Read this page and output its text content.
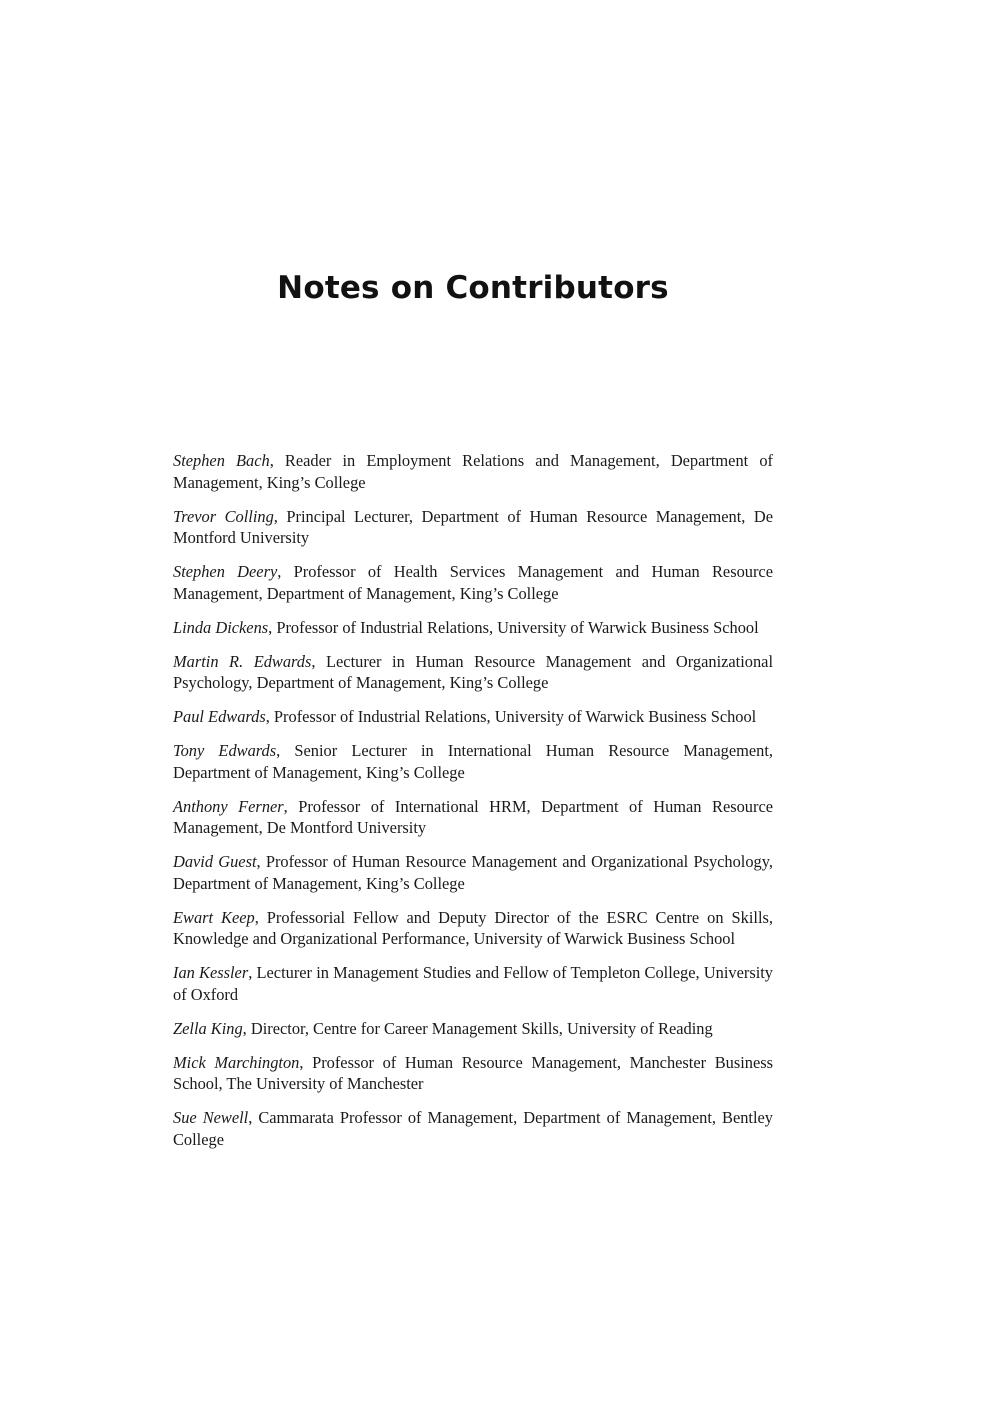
Notes on Contributors
Stephen Bach, Reader in Employment Relations and Management, Department of Management, King’s College
Trevor Colling, Principal Lecturer, Department of Human Resource Management, De Montford University
Stephen Deery, Professor of Health Services Management and Human Resource Management, Department of Management, King’s College
Linda Dickens, Professor of Industrial Relations, University of Warwick Business School
Martin R. Edwards, Lecturer in Human Resource Management and Organizational Psychology, Department of Management, King’s College
Paul Edwards, Professor of Industrial Relations, University of Warwick Business School
Tony Edwards, Senior Lecturer in International Human Resource Management, Department of Management, King’s College
Anthony Ferner, Professor of International HRM, Department of Human Resource Management, De Montford University
David Guest, Professor of Human Resource Management and Organizational Psychology, Department of Management, King’s College
Ewart Keep, Professorial Fellow and Deputy Director of the ESRC Centre on Skills, Knowledge and Organizational Performance, University of Warwick Business School
Ian Kessler, Lecturer in Management Studies and Fellow of Templeton College, University of Oxford
Zella King, Director, Centre for Career Management Skills, University of Reading
Mick Marchington, Professor of Human Resource Management, Manchester Business School, The University of Manchester
Sue Newell, Cammarata Professor of Management, Department of Management, Bentley College
